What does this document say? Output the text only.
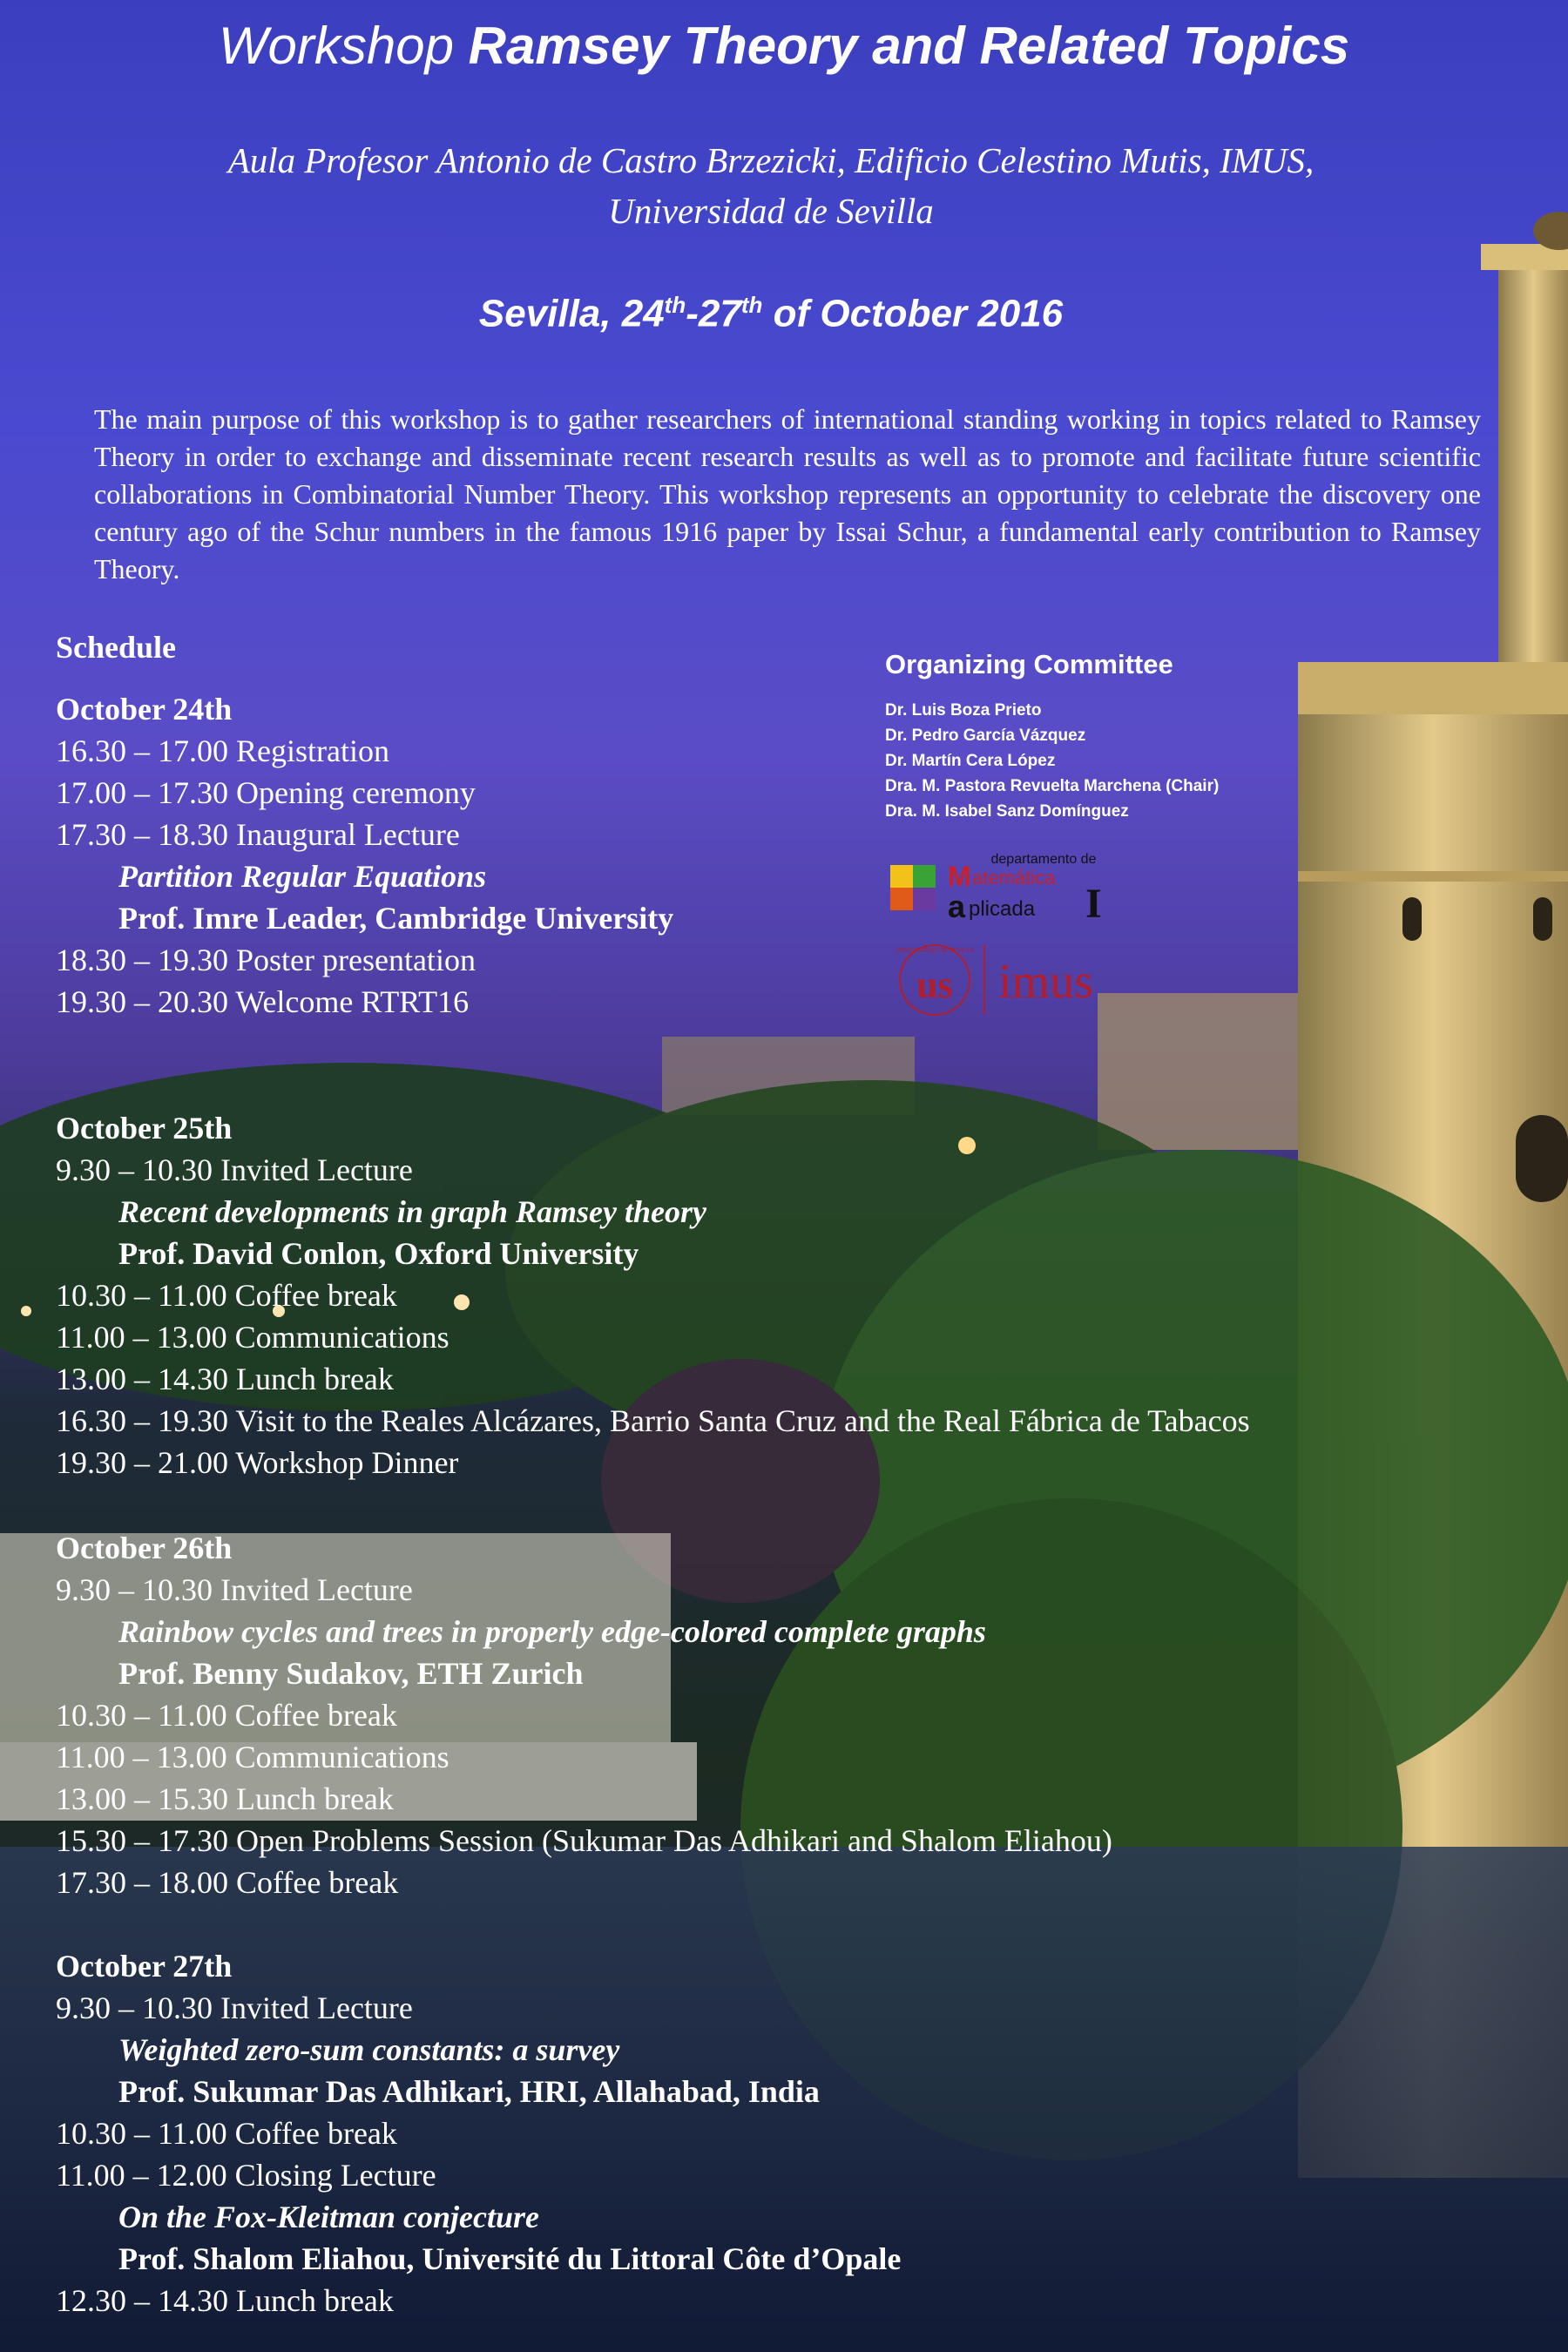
Workshop Ramsey Theory and Related Topics
Aula Profesor Antonio de Castro Brzezicki, Edificio Celestino Mutis, IMUS,
Universidad de Sevilla
Sevilla, 24th-27th of October 2016
The main purpose of this workshop is to gather researchers of international standing working in topics related to Ramsey Theory in order to exchange and disseminate recent research results as well as to promote and facilitate future scientific collaborations in Combinatorial Number Theory. This workshop represents an opportunity to celebrate the discovery one century ago of the Schur numbers in the famous 1916 paper by Issai Schur, a fundamental early contribution to Ramsey Theory.
Schedule
October 24th
16.30 – 17.00 Registration
17.00 – 17.30 Opening ceremony
17.30 – 18.30 Inaugural Lecture
Partition Regular Equations
Prof. Imre Leader, Cambridge University
18.30 – 19.30 Poster presentation
19.30 – 20.30 Welcome RTRT16
October 25th
9.30 – 10.30 Invited Lecture
Recent developments in graph Ramsey theory
Prof. David Conlon, Oxford University
10.30 – 11.00 Coffee break
11.00 – 13.00 Communications
13.00 – 14.30 Lunch break
16.30 – 19.30 Visit to the Reales Alcázares, Barrio Santa Cruz and the Real Fábrica de Tabacos
19.30 – 21.00 Workshop Dinner
October 26th
9.30 – 10.30 Invited Lecture
Rainbow cycles and trees in properly edge-colored complete graphs
Prof. Benny Sudakov, ETH Zurich
10.30 – 11.00 Coffee break
11.00 – 13.00 Communications
13.00 – 15.30 Lunch break
15.30 – 17.30 Open Problems Session (Sukumar Das Adhikari and Shalom Eliahou)
17.30 – 18.00 Coffee break
October 27th
9.30 – 10.30 Invited Lecture
Weighted zero-sum constants: a survey
Prof. Sukumar Das Adhikari, HRI, Allahabad, India
10.30 – 11.00 Coffee break
11.00 – 12.00 Closing Lecture
On the Fox-Kleitman conjecture
Prof. Shalom Eliahou, Université du Littoral Côte d’Opale
12.30 – 14.30 Lunch break
Organizing Committee
Dr. Luis Boza Prieto
Dr. Pedro García Vázquez
Dr. Martín Cera López
Dra. M. Pastora Revuelta Marchena (Chair)
Dra. M. Isabel Sanz Domínguez
departamento de
M atemática
a plicada I
UNIVERSIDAD DE SEVILLA
us imus
